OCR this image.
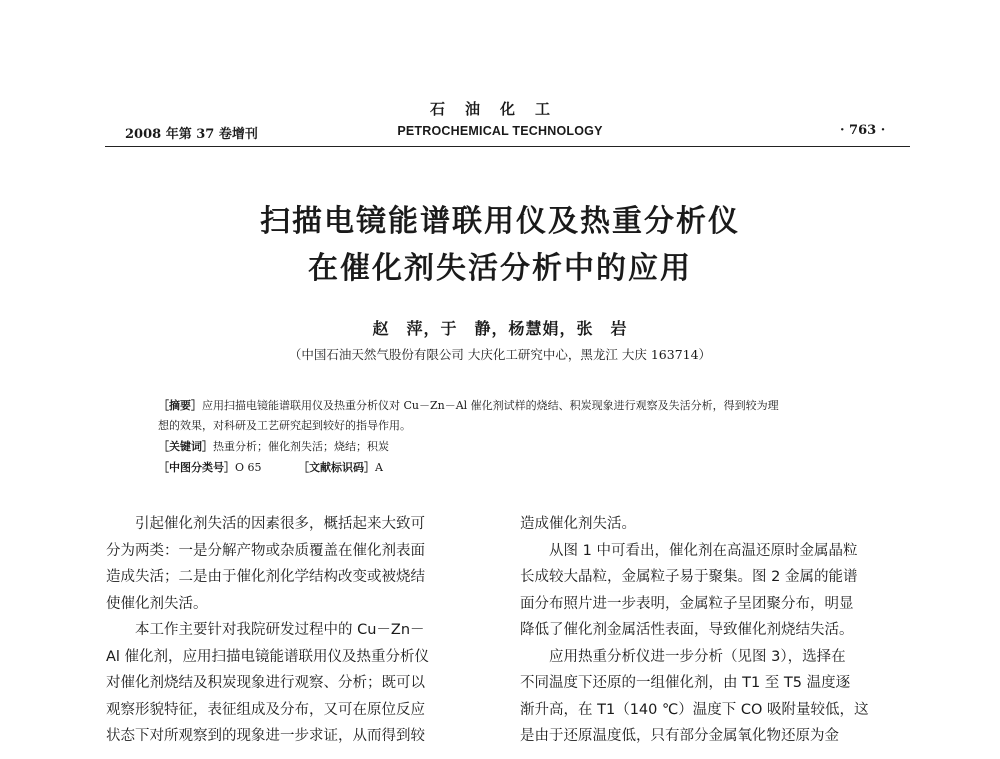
石油化工
2008 年第 37 卷增刊	PETROCHEMICAL TECHNOLOGY	· 763 ·
扫描电镜能谱联用仪及热重分析仪
在催化剂失活分析中的应用
赵　萍，于　静，杨慧娟，张　岩
（中国石油天然气股份有限公司 大庆化工研究中心，黑龙江 大庆 163714）
［摘要］应用扫描电镜能谱联用仪及热重分析仪对 Cu－Zn－Al 催化剂试样的烧结、积炭现象进行观察及失活分析，得到较为理
想的效果，对科研及工艺研究起到较好的指导作用。
［关键词］热重分析；催化剂失活；烧结；积炭
［中图分类号］O 65	［文献标识码］A
　　引起催化剂失活的因素很多，概括起来大致可
分为两类：一是分解产物或杂质覆盖在催化剂表面
造成失活；二是由于催化剂化学结构改变或被烧结
使催化剂失活。
　　本工作主要针对我院研发过程中的 Cu－Zn－
Al 催化剂，应用扫描电镜能谱联用仪及热重分析仪
对催化剂烧结及积炭现象进行观察、分析；既可以
观察形貌特征，表征组成及分布，又可在原位反应
状态下对所观察到的现象进一步求证，从而得到较
造成催化剂失活。
　　从图 1 中可看出，催化剂在高温还原时金属晶粒
长成较大晶粒，金属粒子易于聚集。图 2 金属的能谱
面分布照片进一步表明，金属粒子呈团聚分布，明显
降低了催化剂金属活性表面，导致催化剂烧结失活。
　　应用热重分析仪进一步分析（见图 3），选择在
不同温度下还原的一组催化剂，由 T1 至 T5 温度逐
渐升高，在 T1（140 ℃）温度下 CO 吸附量较低，这
是由于还原温度低，只有部分金属氧化物还原为金
